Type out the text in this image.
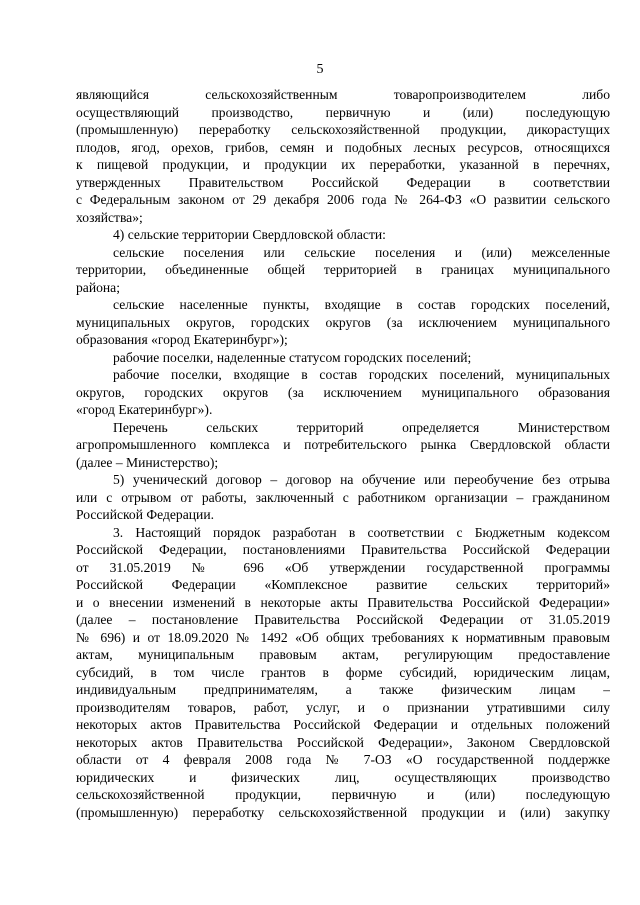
5
являющийся сельскохозяйственным товаропроизводителем либо
осуществляющий производство, первичную и (или) последующую
(промышленную) переработку сельскохозяйственной продукции, дикорастущих
плодов, ягод, орехов, грибов, семян и подобных лесных ресурсов, относящихся
к пищевой продукции, и продукции их переработки, указанной в перечнях,
утвержденных Правительством Российской Федерации в соответствии
с Федеральным законом от 29 декабря 2006 года № 264-ФЗ «О развитии сельского
хозяйства»;
4) сельские территории Свердловской области:
сельские поселения или сельские поселения и (или) межселенные
территории, объединенные общей территорией в границах муниципального
района;
сельские населенные пункты, входящие в состав городских поселений,
муниципальных округов, городских округов (за исключением муниципального
образования «город Екатеринбург»);
рабочие поселки, наделенные статусом городских поселений;
рабочие поселки, входящие в состав городских поселений, муниципальных
округов, городских округов (за исключением муниципального образования
«город Екатеринбург»).
Перечень сельских территорий определяется Министерством
агропромышленного комплекса и потребительского рынка Свердловской области
(далее – Министерство);
5) ученический договор – договор на обучение или переобучение без отрыва
или с отрывом от работы, заключенный с работником организации – гражданином
Российской Федерации.
3. Настоящий порядок разработан в соответствии с Бюджетным кодексом
Российской Федерации, постановлениями Правительства Российской Федерации
от 31.05.2019 № 696 «Об утверждении государственной программы
Российской Федерации «Комплексное развитие сельских территорий»
и о внесении изменений в некоторые акты Правительства Российской Федерации»
(далее – постановление Правительства Российской Федерации от 31.05.2019
№ 696) и от 18.09.2020 № 1492 «Об общих требованиях к нормативным правовым
актам, муниципальным правовым актам, регулирующим предоставление
субсидий, в том числе грантов в форме субсидий, юридическим лицам,
индивидуальным предпринимателям, а также физическим лицам –
производителям товаров, работ, услуг, и о признании утратившими силу
некоторых актов Правительства Российской Федерации и отдельных положений
некоторых актов Правительства Российской Федерации», Законом Свердловской
области от 4 февраля 2008 года № 7-ОЗ «О государственной поддержке
юридических и физических лиц, осуществляющих производство
сельскохозяйственной продукции, первичную и (или) последующую
(промышленную) переработку сельскохозяйственной продукции и (или) закупку
